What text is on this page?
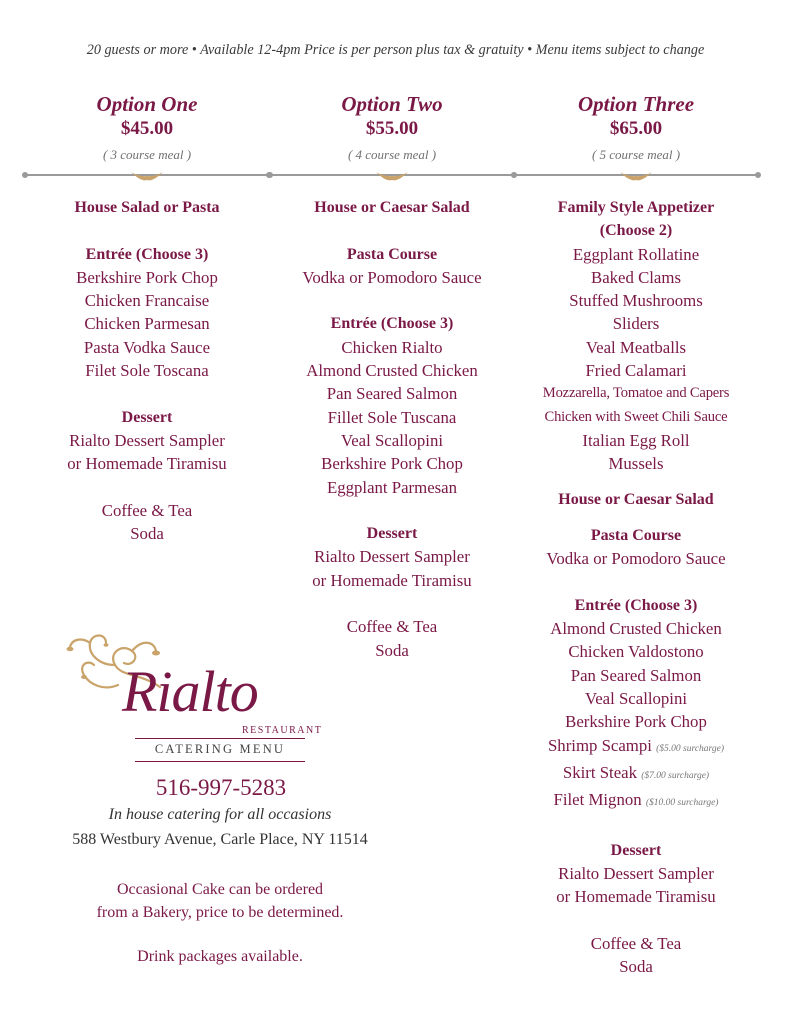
20 guests or more • Available 12-4pm Price is per person plus tax & gratuity • Menu items subject to change
Option One
$45.00
( 3 course meal )
House Salad or Pasta
Entrée (Choose 3)
Berkshire Pork Chop
Chicken Francaise
Chicken Parmesan
Pasta Vodka Sauce
Filet Sole Toscana
Dessert
Rialto Dessert Sampler
or Homemade Tiramisu
Coffee & Tea
Soda
Option Two
$55.00
( 4 course meal )
House or Caesar Salad
Pasta Course
Vodka or Pomodoro Sauce
Entrée (Choose 3)
Chicken Rialto
Almond Crusted Chicken
Pan Seared Salmon
Fillet Sole Tuscana
Veal Scallopini
Berkshire Pork Chop
Eggplant Parmesan
Dessert
Rialto Dessert Sampler
or Homemade Tiramisu
Coffee & Tea
Soda
Option Three
$65.00
( 5 course meal )
Family Style Appetizer
(Choose 2)
Eggplant Rollatine
Baked Clams
Stuffed Mushrooms
Sliders
Veal Meatballs
Fried Calamari
Mozzarella, Tomatoe and Capers
Chicken with Sweet Chili Sauce
Italian Egg Roll
Mussels
House or Caesar Salad
Pasta Course
Vodka or Pomodoro Sauce
Entrée (Choose 3)
Almond Crusted Chicken
Chicken Valdostono
Pan Seared Salmon
Veal Scallopini
Berkshire Pork Chop
Shrimp Scampi ($5.00 surcharge)
Skirt Steak ($7.00 surcharge)
Filet Mignon ($10.00 surcharge)
Dessert
Rialto Dessert Sampler
or Homemade Tiramisu
Coffee & Tea
Soda
Rialto
RESTAURANT
CATERING MENU
516-997-5283
In house catering for all occasions
588 Westbury Avenue, Carle Place, NY 11514
Occasional Cake can be ordered
from a Bakery, price to be determined.
Drink packages available.
